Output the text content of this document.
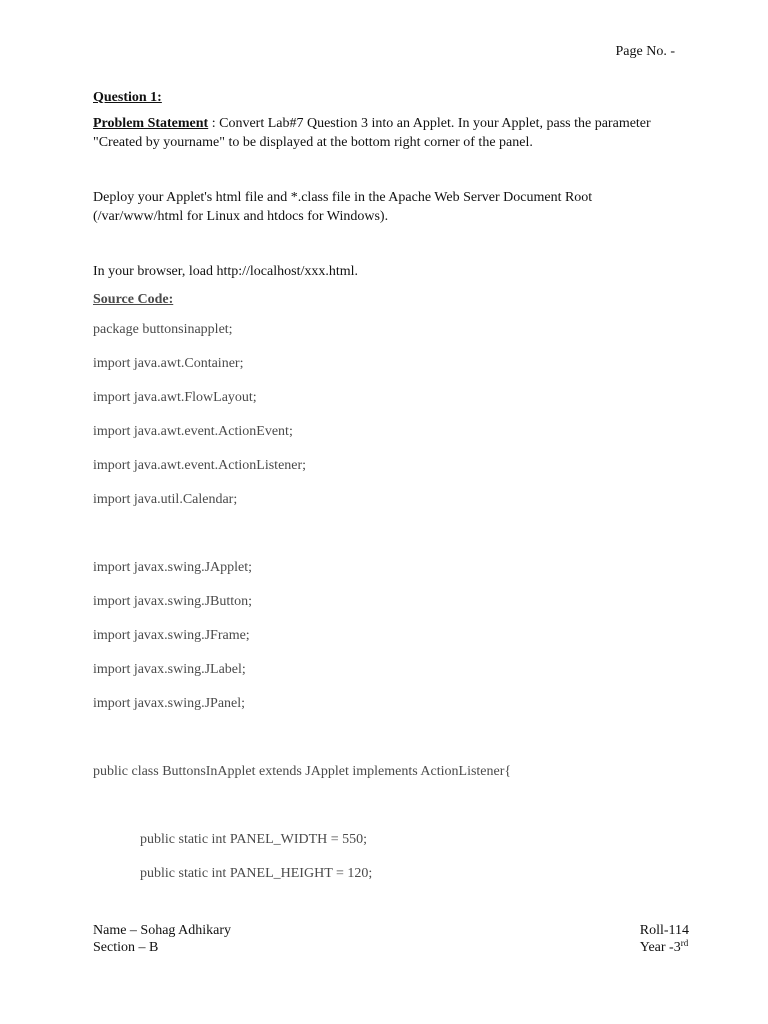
Page No. -

Question 1:

Problem Statement : Convert Lab#7 Question 3 into an Applet. In your Applet, pass the parameter "Created by yourname" to be displayed at the bottom right corner of the panel.

Deploy your Applet's html file and *.class file in the Apache Web Server Document Root (/var/www/html for Linux and htdocs for Windows).

In your browser, load http://localhost/xxx.html.

Source Code:

package buttonsinapplet;
import java.awt.Container;
import java.awt.FlowLayout;
import java.awt.event.ActionEvent;
import java.awt.event.ActionListener;
import java.util.Calendar;
import javax.swing.JApplet;
import javax.swing.JButton;
import javax.swing.JFrame;
import javax.swing.JLabel;
import javax.swing.JPanel;
public class ButtonsInApplet extends JApplet implements ActionListener{
public static int PANEL_WIDTH = 550;
public static int PANEL_HEIGHT = 120;
Name – Sohag Adhikary
Section – B
Roll-114
Year -3rd
